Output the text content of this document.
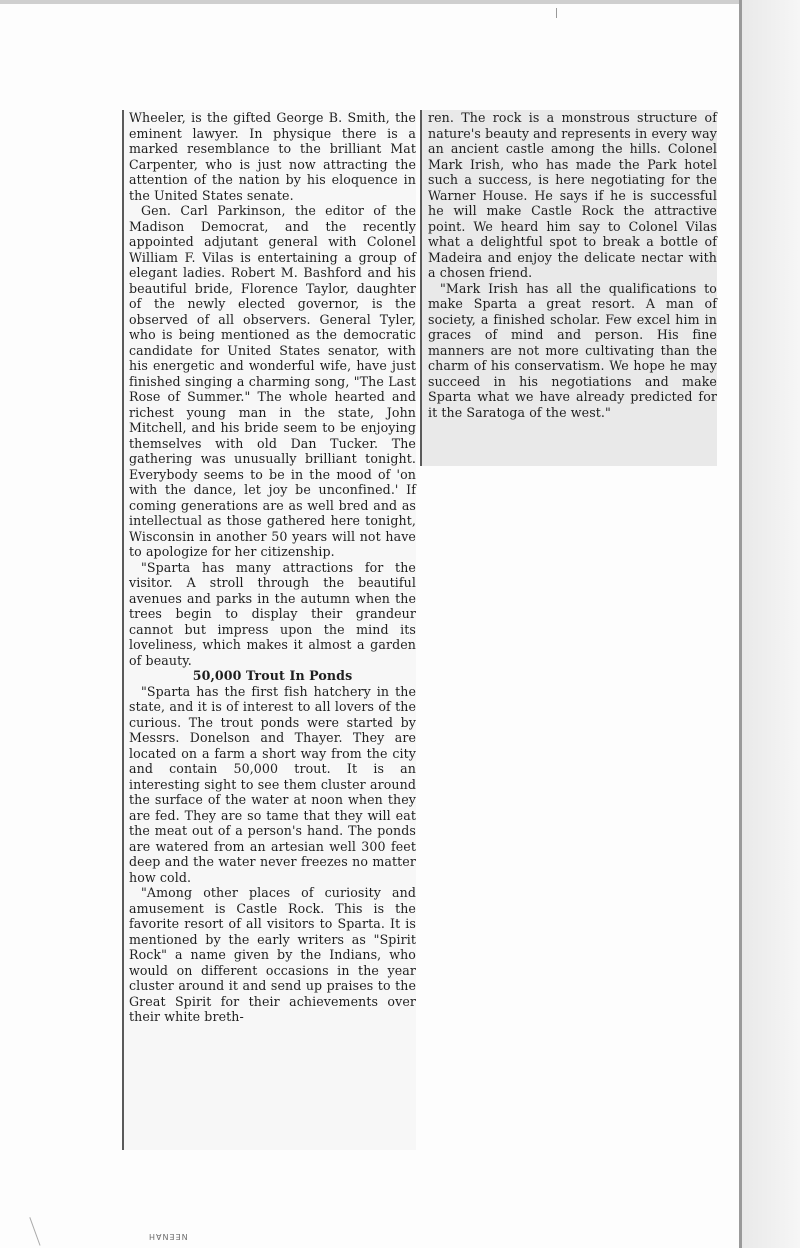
Wheeler, is the gifted George B. Smith, the eminent lawyer. In physique there is a marked resemblance to the brilliant Mat Carpenter, who is just now attracting the attention of the nation by his eloquence in the United States senate.

Gen. Carl Parkinson, the editor of the Madison Democrat, and the recently appointed adjutant general with Colonel William F. Vilas is entertaining a group of elegant ladies. Robert M. Bashford and his beautiful bride, Florence Taylor, daughter of the newly elected governor, is the observed of all observers. General Tyler, who is being mentioned as the democratic candidate for United States senator, with his energetic and wonderful wife, have just finished singing a charming song, "The Last Rose of Summer." The whole hearted and richest young man in the state, John Mitchell, and his bride seem to be enjoying themselves with old Dan Tucker. The gathering was unusually brilliant tonight. Everybody seems to be in the mood of 'on with the dance, let joy be unconfined.' If coming generations are as well bred and as intellectual as those gathered here tonight, Wisconsin in another 50 years will not have to apologize for her citizenship.

"Sparta has many attractions for the visitor. A stroll through the beautiful avenues and parks in the autumn when the trees begin to display their grandeur cannot but impress upon the mind its loveliness, which makes it almost a garden of beauty.

50,000 Trout In Ponds

"Sparta has the first fish hatchery in the state, and it is of interest to all lovers of the curious. The trout ponds were started by Messrs. Donelson and Thayer. They are located on a farm a short way from the city and contain 50,000 trout. It is an interesting sight to see them cluster around the surface of the water at noon when they are fed. They are so tame that they will eat the meat out of a person's hand. The ponds are watered from an artesian well 300 feet deep and the water never freezes no matter how cold.

"Among other places of curiosity and amusement is Castle Rock. This is the favorite resort of all visitors to Sparta. It is mentioned by the early writers as "Spirit Rock" a name given by the Indians, who would on different occasions in the year cluster around it and send up praises to the Great Spirit for their achievements over their white breth-

ren. The rock is a monstrous structure of nature's beauty and represents in every way an ancient castle among the hills. Colonel Mark Irish, who has made the Park hotel such a success, is here negotiating for the Warner House. He says if he is successful he will make Castle Rock the attractive point. We heard him say to Colonel Vilas what a delightful spot to break a bottle of Madeira and enjoy the delicate nectar with a chosen friend.

"Mark Irish has all the qualifications to make Sparta a great resort. A man of society, a finished scholar. Few excel him in graces of mind and person. His fine manners are not more cultivating than the charm of his conservatism. We hope he may succeed in his negotiations and make Sparta what we have already predicted for it the Saratoga of the west."

NEENAH
